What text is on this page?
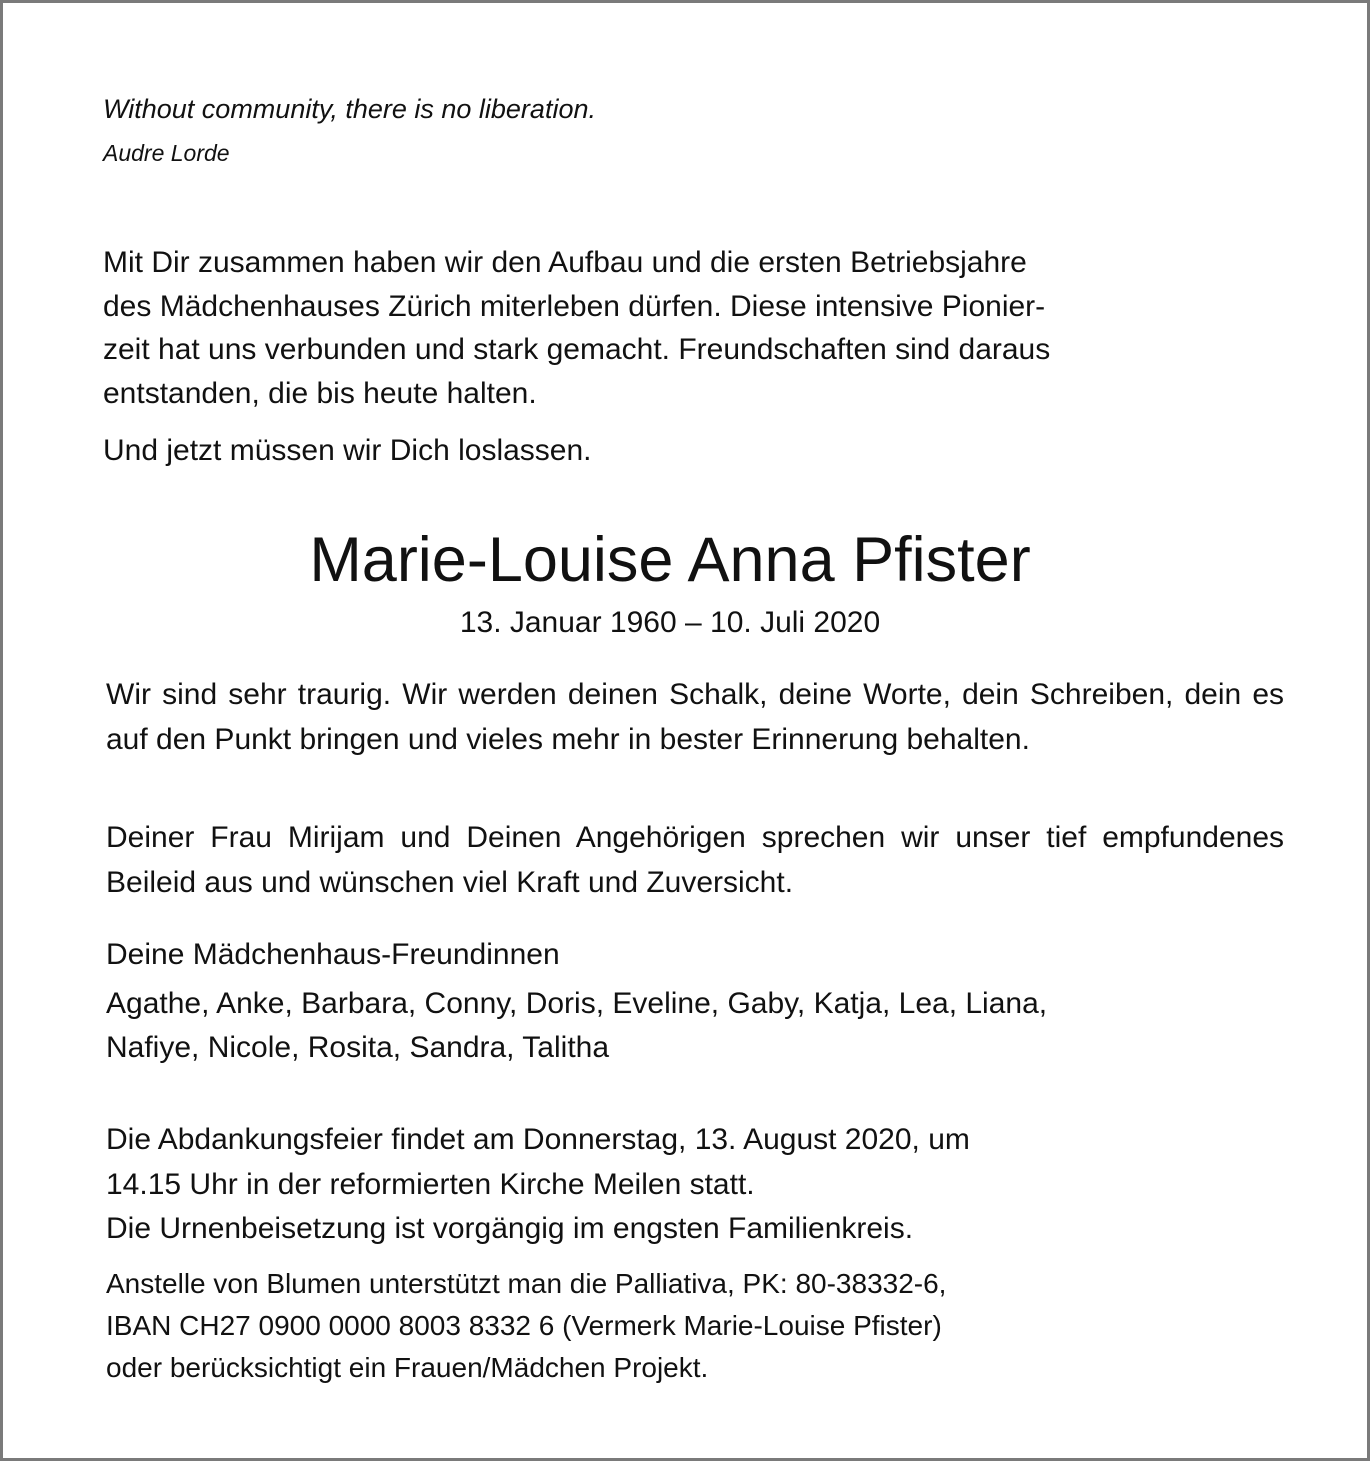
Without community, there is no liberation.

Audre Lorde

Mit Dir zusammen haben wir den Aufbau und die ersten Betriebsjahre
des Mädchenhauses Zürich miterleben dürfen. Diese intensive Pionier-
zeit hat uns verbunden und stark gemacht. Freundschaften sind daraus
entstanden, die bis heute halten.

Und jetzt müssen wir Dich loslassen.

Marie-Louise Anna Pfister

13. Januar 1960 – 10. Juli 2020

Wir sind sehr traurig. Wir werden deinen Schalk, deine Worte, dein Schreiben, dein es auf den Punkt bringen und vieles mehr in bester Erinnerung behalten.

Deiner Frau Mirijam und Deinen Angehörigen sprechen wir unser tief empfundenes Beileid aus und wünschen viel Kraft und Zuversicht.

Deine Mädchenhaus-Freundinnen

Agathe, Anke, Barbara, Conny, Doris, Eveline, Gaby, Katja, Lea, Liana,
Nafiye, Nicole, Rosita, Sandra, Talitha
Die Abdankungsfeier findet am Donnerstag, 13. August 2020, um
14.15 Uhr in der reformierten Kirche Meilen statt.
Die Urnenbeisetzung ist vorgängig im engsten Familienkreis.
Anstelle von Blumen unterstützt man die Palliativa, PK: 80-38332-6,
IBAN CH27 0900 0000 8003 8332 6 (Vermerk Marie-Louise Pfister)
oder berücksichtigt ein Frauen/Mädchen Projekt.
